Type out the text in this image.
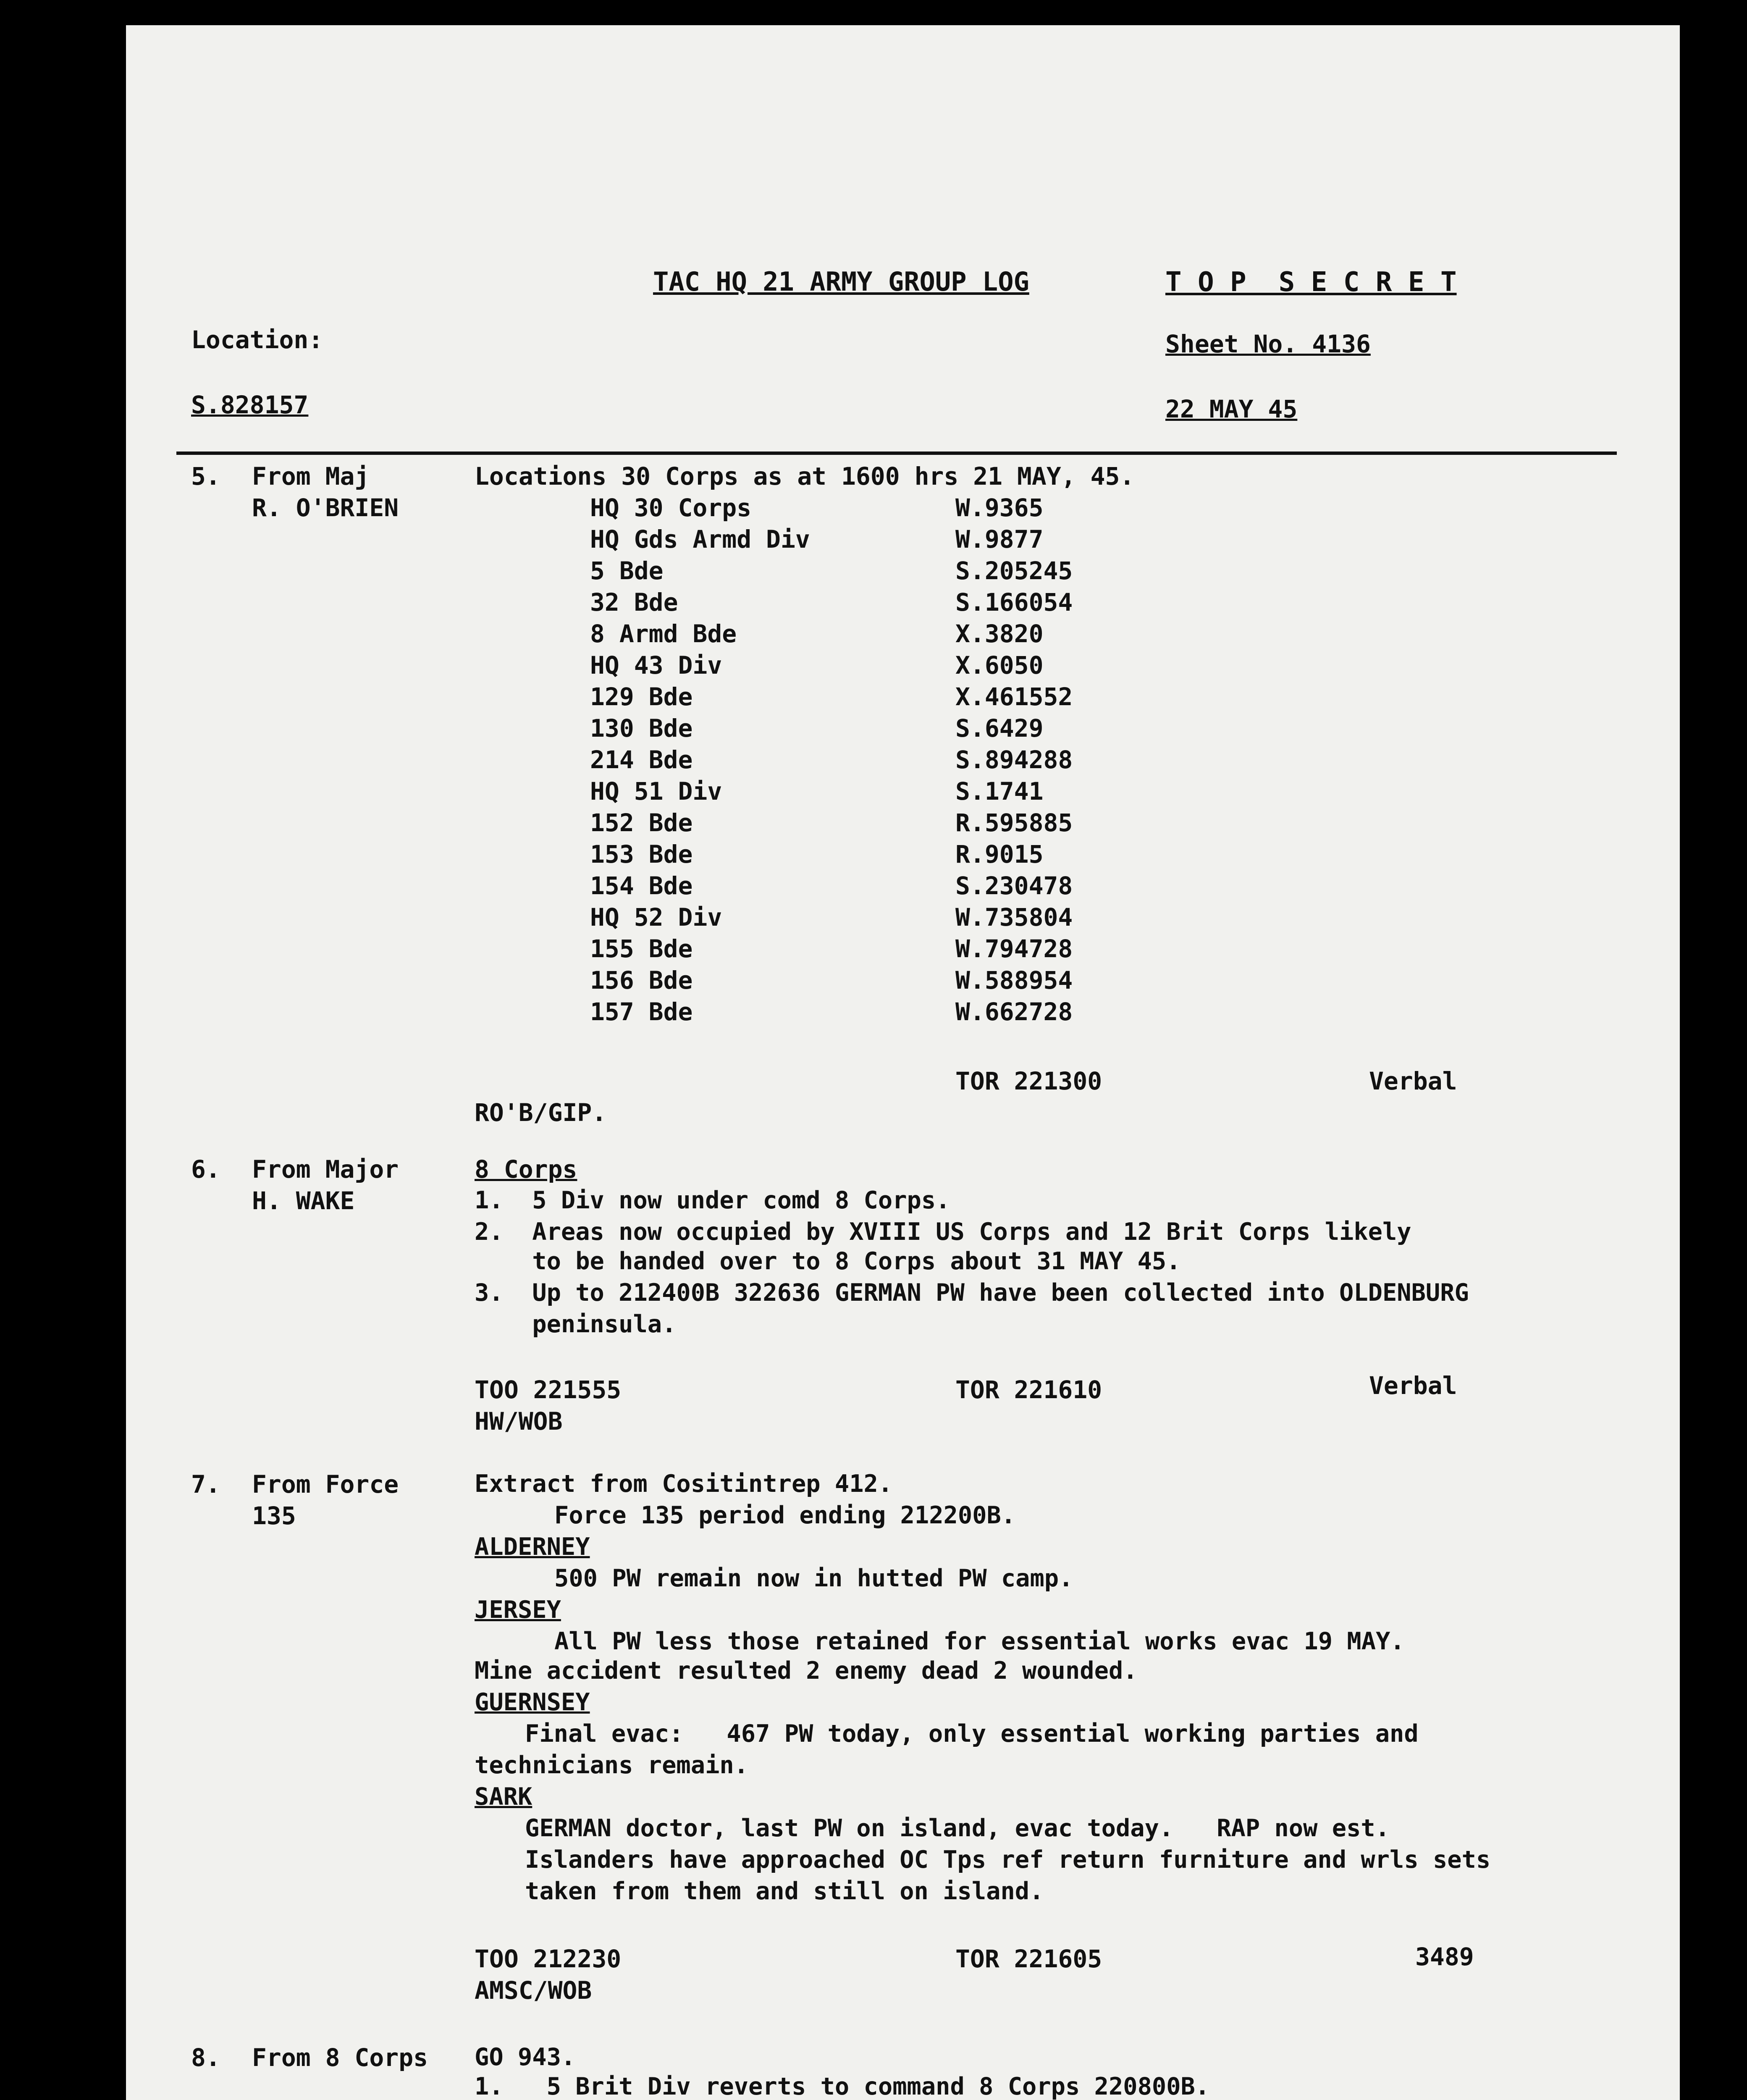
TAC HQ 21 ARMY GROUP LOG	T O P  S E C R E T
Location:	Sheet No. 4136
S.828157	22 MAY 45
5. From Maj
R. O'BRIEN
Locations 30 Corps as at 1600 hrs 21 MAY, 45.
HQ 30 Corps	W.9365
HQ Gds Armd Div	W.9877
5 Bde	S.205245
32 Bde	S.166054
8 Armd Bde	X.3820
HQ 43 Div	X.6050
129 Bde	X.461552
130 Bde	S.6429
214 Bde	S.894288
HQ 51 Div	S.1741
152 Bde	R.595885
153 Bde	R.9015
154 Bde	S.230478
HQ 52 Div	W.735804
155 Bde	W.794728
156 Bde	W.588954
157 Bde	W.662728
TOR 221300	Verbal
RO'B/GIP.
6. From Major
H. WAKE
8 Corps
1.  5 Div now under comd 8 Corps.
2.  Areas now occupied by XVIII US Corps and 12 Brit Corps likely
to be handed over to 8 Corps about 31 MAY 45.
3.  Up to 212400B 322636 GERMAN PW have been collected into OLDENBURG
peninsula.
TOO 221555	TOR 221610	Verbal
HW/WOB
7. From Force
135
Extract from Cositintrep 412.
Force 135 period ending 212200B.
ALDERNEY
500 PW remain now in hutted PW camp.
JERSEY
All PW less those retained for essential works evac 19 MAY.
Mine accident resulted 2 enemy dead 2 wounded.
GUERNSEY
Final evac:   467 PW today, only essential working parties and
technicians remain.
SARK
GERMAN doctor, last PW on island, evac today.   RAP now est.
Islanders have approached OC Tps ref return furniture and wrls sets
taken from them and still on island.
TOO 212230	TOR 221605	3489
AMSC/WOB
8. From 8 Corps GO 943.
1.   5 Brit Div reverts to command 8 Corps 220800B.
